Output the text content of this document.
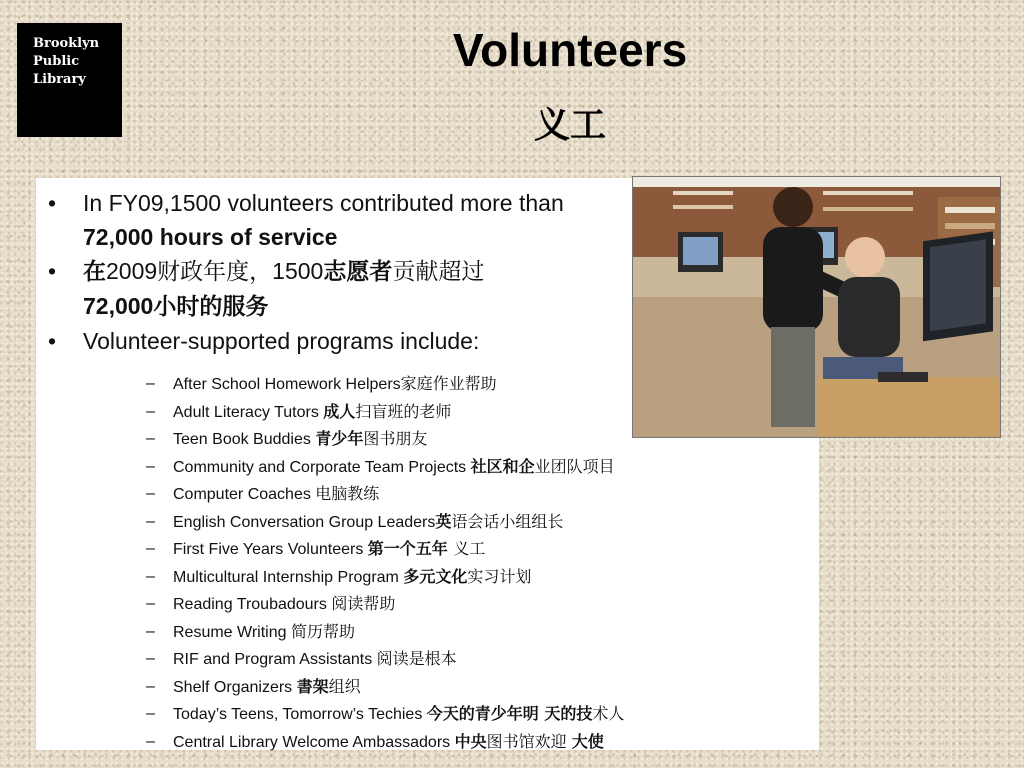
Brooklyn
Public
Library
Volunteers
义工
• In FY09,1500 volunteers contributed more than 72,000 hours of service
• 在2009财政年度，1500志愿者贡献超过
72,000小时的服务
• Volunteer-supported programs include:
– After School Homework Helpers家庭作业帮助
– Adult Literacy Tutors 成人扫盲班的老师
– Teen Book Buddies 青少年图书朋友
– Community and Corporate Team Projects 社区和企业团队项目
– Computer Coaches 电脑教练
– English Conversation Group Leaders英语会话小组组长
– First Five Years Volunteers 第一个五年 义工
– Multicultural Internship Program 多元文化实习计划
– Reading Troubadours 阅读帮助
– Resume Writing 简历帮助
– RIF and Program Assistants 阅读是根本
– Shelf Organizers 書架组织
– Today’s Teens, Tomorrow’s Techies 今天的青少年明 天的技术人
– Central Library Welcome Ambassadors 中央图书馆欢迎 大使
